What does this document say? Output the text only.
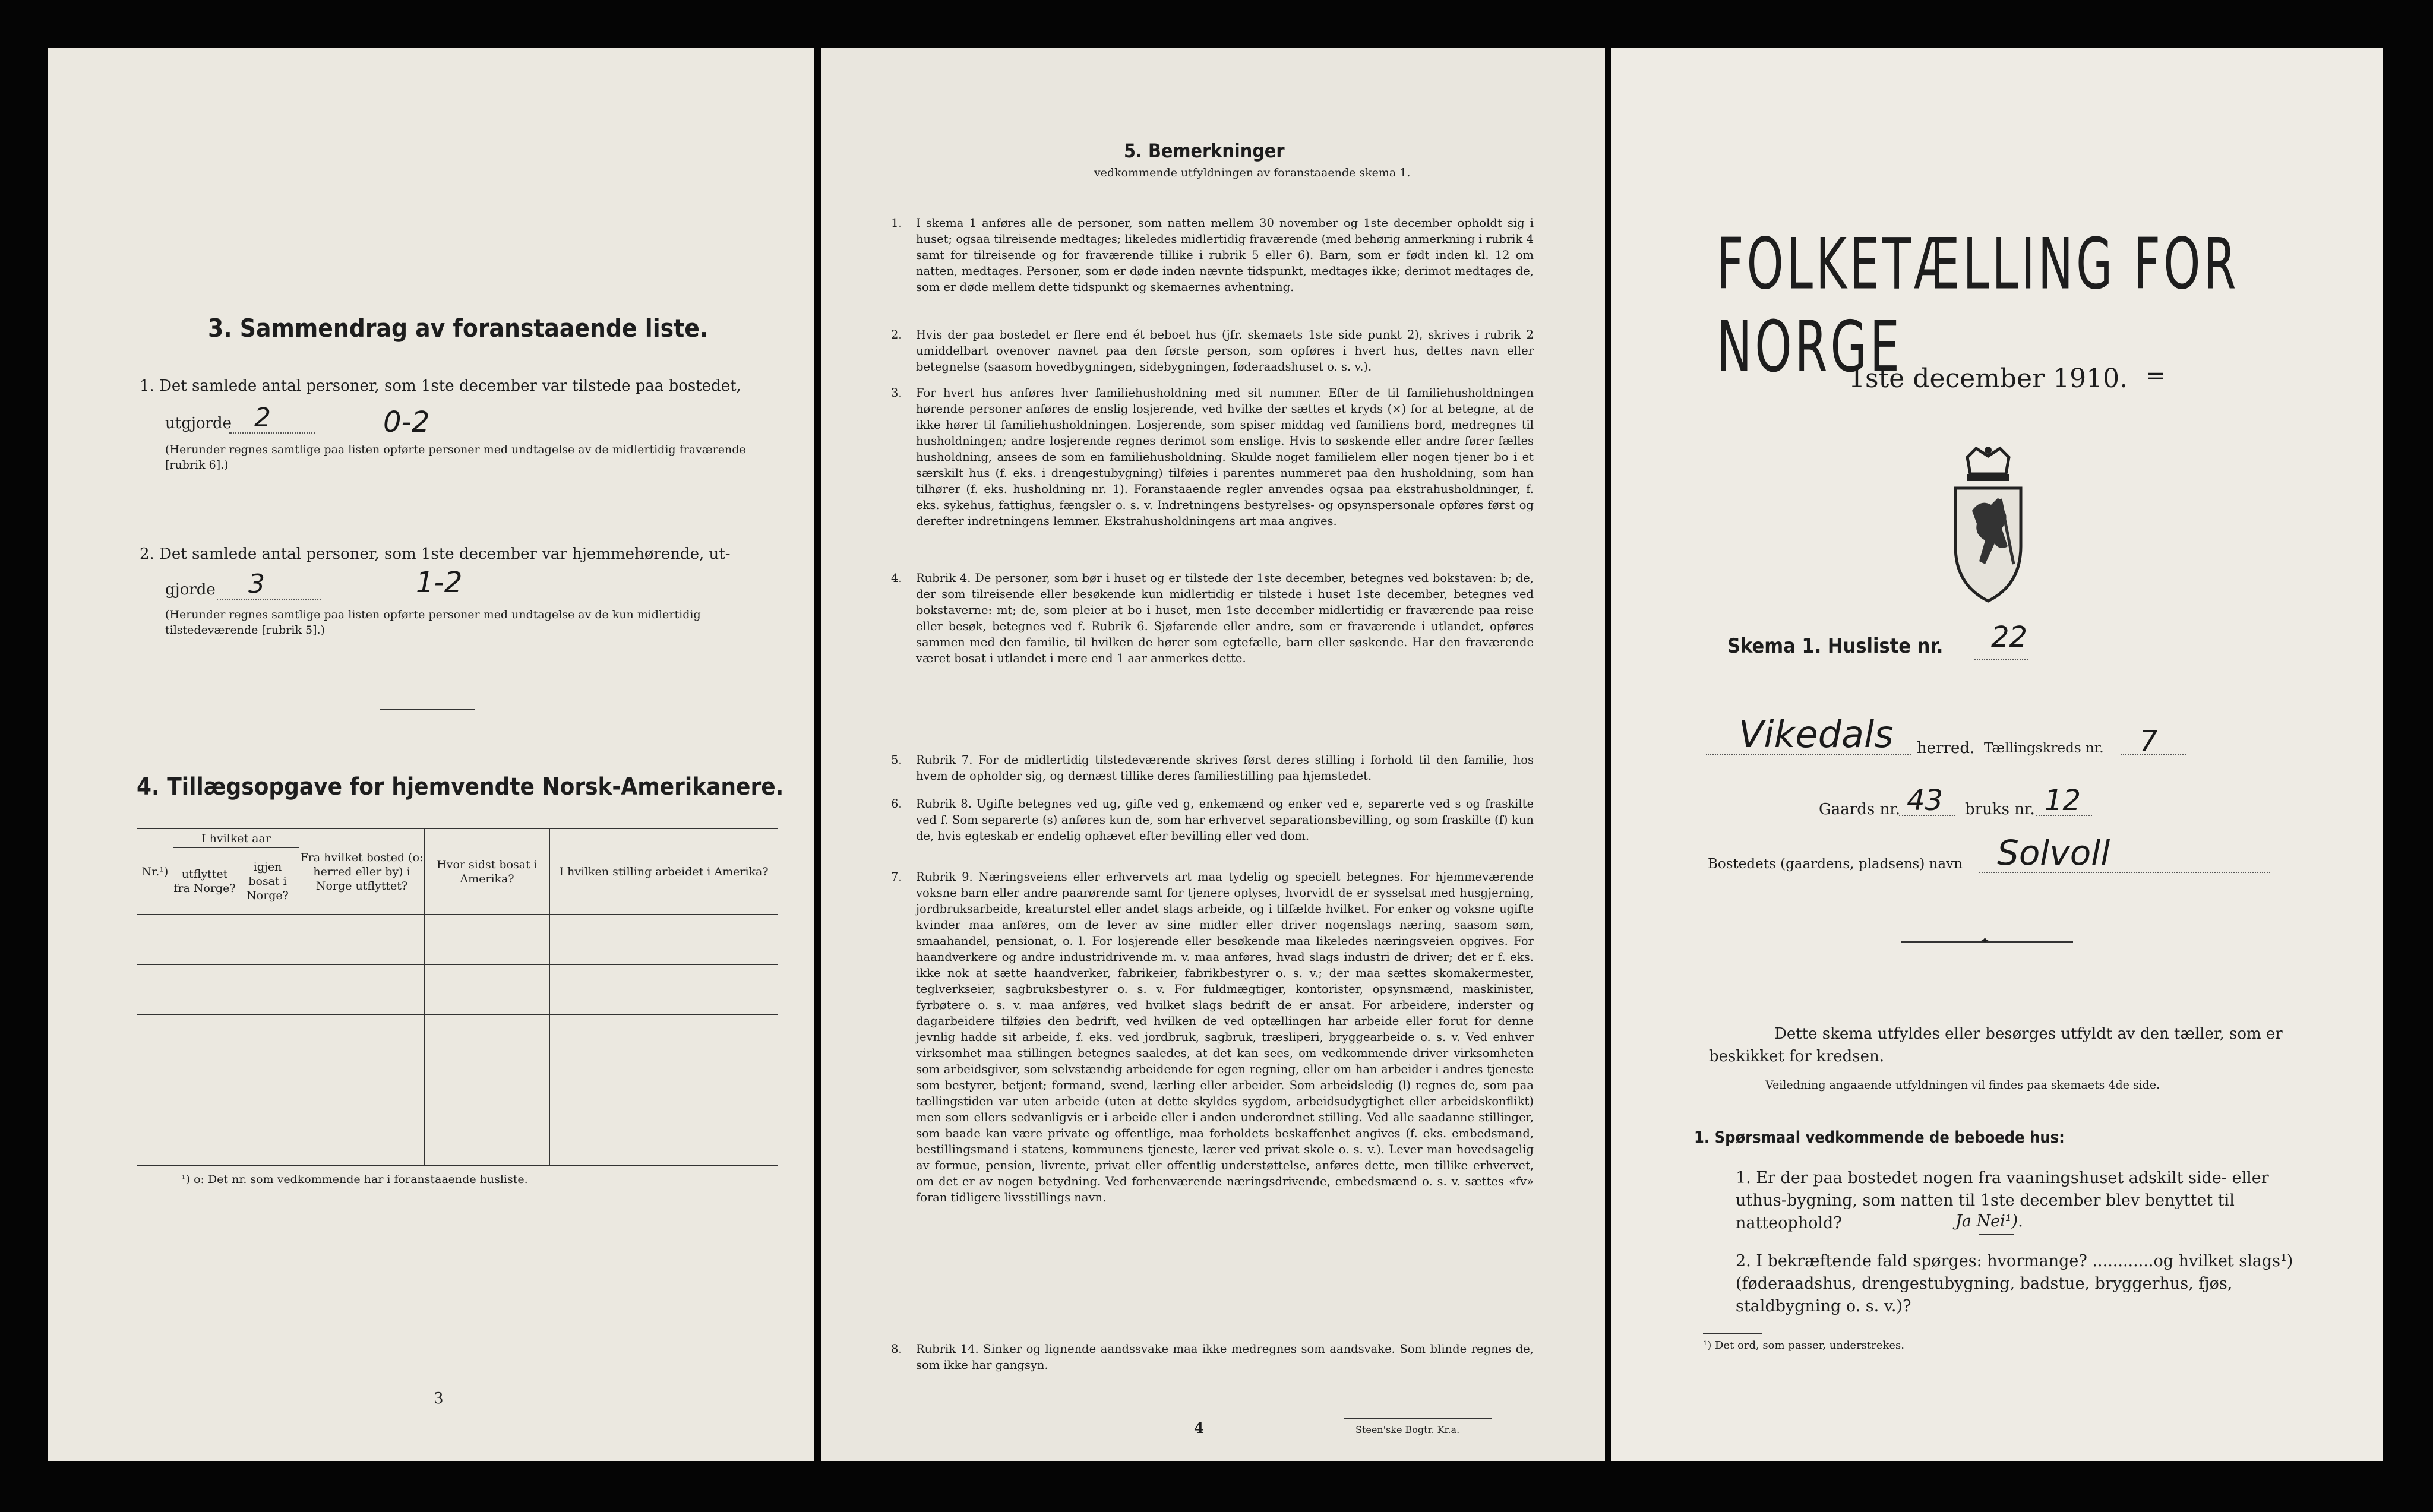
3. Sammendrag av foranstaaende liste.
1. Det samlede antal personer, som 1ste december var tilstede paa bostedet,
utgjorde 2	0-2
(Herunder regnes samtlige paa listen opførte personer med undtagelse av de midlertidig fraværende [rubrik 6].)
2. Det samlede antal personer, som 1ste december var hjemmehørende, ut-
gjorde 3	1-2
(Herunder regnes samtlige paa listen opførte personer med undtagelse av de kun midlertidig tilstedeværende [rubrik 5].)
4. Tillægsopgave for hjemvendte Norsk-Amerikanere.
Nr.¹)	I hvilket aar		Fra hvilket bosted (o: herred eller by) i Norge utflyttet?	Hvor sidst bosat i Amerika?	I hvilken stilling arbeidet i Amerika?
	utflyttet fra Norge?	igjen bosat i Norge?			

¹) o: Det nr. som vedkommende har i foranstaaende husliste.
3
5. Bemerkninger
vedkommende utfyldningen av foranstaaende skema 1.
1. I skema 1 anføres alle de personer, som natten mellem 30 november og 1ste december opholdt sig i huset; ogsaa tilreisende medtages; likeledes midlertidig fraværende (med behørig anmerkning i rubrik 4 samt for tilreisende og for fraværende tillike i rubrik 5 eller 6). Barn, som er født inden kl. 12 om natten, medtages. Personer, som er døde inden nævnte tidspunkt, medtages ikke; derimot medtages de, som er døde mellem dette tidspunkt og skemaernes avhentning.
2. Hvis der paa bostedet er flere end ét beboet hus (jfr. skemaets 1ste side punkt 2), skrives i rubrik 2 umiddelbart ovenover navnet paa den første person, som opføres i hvert hus, dettes navn eller betegnelse (saasom hovedbygningen, sidebygningen, føderaadshuset o. s. v.).
3. For hvert hus anføres hver familiehusholdning med sit nummer. Efter de til familiehusholdningen hørende personer anføres de enslig losjerende, ved hvilke der sættes et kryds (×) for at betegne, at de ikke hører til familiehusholdningen. Losjerende, som spiser middag ved familiens bord, medregnes til husholdningen; andre losjerende regnes derimot som enslige. Hvis to søskende eller andre fører fælles husholdning, ansees de som en familiehusholdning. Skulde noget familielem eller nogen tjener bo i et særskilt hus (f. eks. i drengestubygning) tilføies i parentes nummeret paa den husholdning, som han tilhører (f. eks. husholdning nr. 1). Foranstaaende regler anvendes ogsaa paa ekstrahusholdninger, f. eks. sykehus, fattighus, fængsler o. s. v. Indretningens bestyrelses- og opsynspersonale opføres først og derefter indretningens lemmer. Ekstrahusholdningens art maa angives.
4. Rubrik 4. De personer, som bør i huset og er tilstede der 1ste december, betegnes ved bokstaven: b; de, der som tilreisende eller besøkende kun midlertidig er tilstede i huset 1ste december, betegnes ved bokstaverne: mt; de, som pleier at bo i huset, men 1ste december midlertidig er fraværende paa reise eller besøk, betegnes ved f. Rubrik 6. Sjøfarende eller andre, som er fraværende i utlandet, opføres sammen med den familie, til hvilken de hører som egtefælle, barn eller søskende. Har den fraværende været bosat i utlandet i mere end 1 aar anmerkes dette.
5. Rubrik 7. For de midlertidig tilstedeværende skrives først deres stilling i forhold til den familie, hos hvem de opholder sig, og dernæst tillike deres familiestilling paa hjemstedet.
6. Rubrik 8. Ugifte betegnes ved ug, gifte ved g, enkemænd og enker ved e, separerte ved s og fraskilte ved f. Som separerte (s) anføres kun de, som har erhvervet separationsbevilling, og som fraskilte (f) kun de, hvis egteskab er endelig ophævet efter bevilling eller ved dom.
7. Rubrik 9. Næringsveiens eller erhvervets art maa tydelig og specielt betegnes. For hjemmeværende voksne barn eller andre paarørende samt for tjenere oplyses, hvorvidt de er sysselsat med husgjerning, jordbruksarbeide, kreaturstel eller andet slags arbeide, og i tilfælde hvilket. For enker og voksne ugifte kvinder maa anføres, om de lever av sine midler eller driver nogenslags næring, saasom søm, smaahandel, pensionat, o. l. For losjerende eller besøkende maa likeledes næringsveien opgives. For haandverkere og andre industridrivende m. v. maa anføres, hvad slags industri de driver; det er f. eks. ikke nok at sætte haandverker, fabrikeier, fabrikbestyrer o. s. v.; der maa sættes skomakermester, teglverkseier, sagbruksbestyrer o. s. v. For fuldmægtiger, kontorister, opsynsmænd, maskinister, fyrbøtere o. s. v. maa anføres, ved hvilket slags bedrift de er ansat. For arbeidere, inderster og dagarbeidere tilføies den bedrift, ved hvilken de ved optællingen har arbeide eller forut for denne jevnlig hadde sit arbeide, f. eks. ved jordbruk, sagbruk, træsliperi, bryggearbeide o. s. v. Ved enhver virksomhet maa stillingen betegnes saaledes, at det kan sees, om vedkommende driver virksomheten som arbeidsgiver, som selvstændig arbeidende for egen regning, eller om han arbeider i andres tjeneste som bestyrer, betjent; formand, svend, lærling eller arbeider. Som arbeidsledig (l) regnes de, som paa tællingstiden var uten arbeide (uten at dette skyldes sygdom, arbeidsudygtighet eller arbeidskonflikt) men som ellers sedvanligvis er i arbeide eller i anden underordnet stilling. Ved alle saadanne stillinger, som baade kan være private og offentlige, maa forholdets beskaffenhet angives (f. eks. embedsmand, bestillingsmand i statens, kommunens tjeneste, lærer ved privat skole o. s. v.). Lever man hovedsagelig av formue, pension, livrente, privat eller offentlig understøttelse, anføres dette, men tillike erhvervet, om det er av nogen betydning. Ved forhenværende næringsdrivende, embedsmænd o. s. v. sættes «fv» foran tidligere livsstillings navn.
8. Rubrik 14. Sinker og lignende aandssvake maa ikke medregnes som aandsvake. Som blinde regnes de, som ikke har gangsyn.
4	Steen'ske Bogtr. Kr.a.
FOLKETÆLLING FOR NORGE
1ste december 1910. =
Skema 1. Husliste nr. 22
Vikedals herred. Tællingskreds nr. 7
Gaards nr. 43 bruks nr. 12
Bostedets (gaardens, pladsens) navn Solvoll
✦
Dette skema utfyldes eller besørges utfyldt av den tæller, som er beskikket for kredsen.
Veiledning angaaende utfyldningen vil findes paa skemaets 4de side.
1. Spørsmaal vedkommende de beboede hus:
1. Er der paa bostedet nogen fra vaaningshuset adskilt side- eller uthus-bygning, som natten til 1ste december blev benyttet til natteophold?	Ja Nei¹).
2. I bekræftende fald spørges: hvormange? ............og hvilket slags¹) (føderaadshus, drengestubygning, badstue, bryggerhus, fjøs, staldbygning o. s. v.)?
¹) Det ord, som passer, understrekes.
